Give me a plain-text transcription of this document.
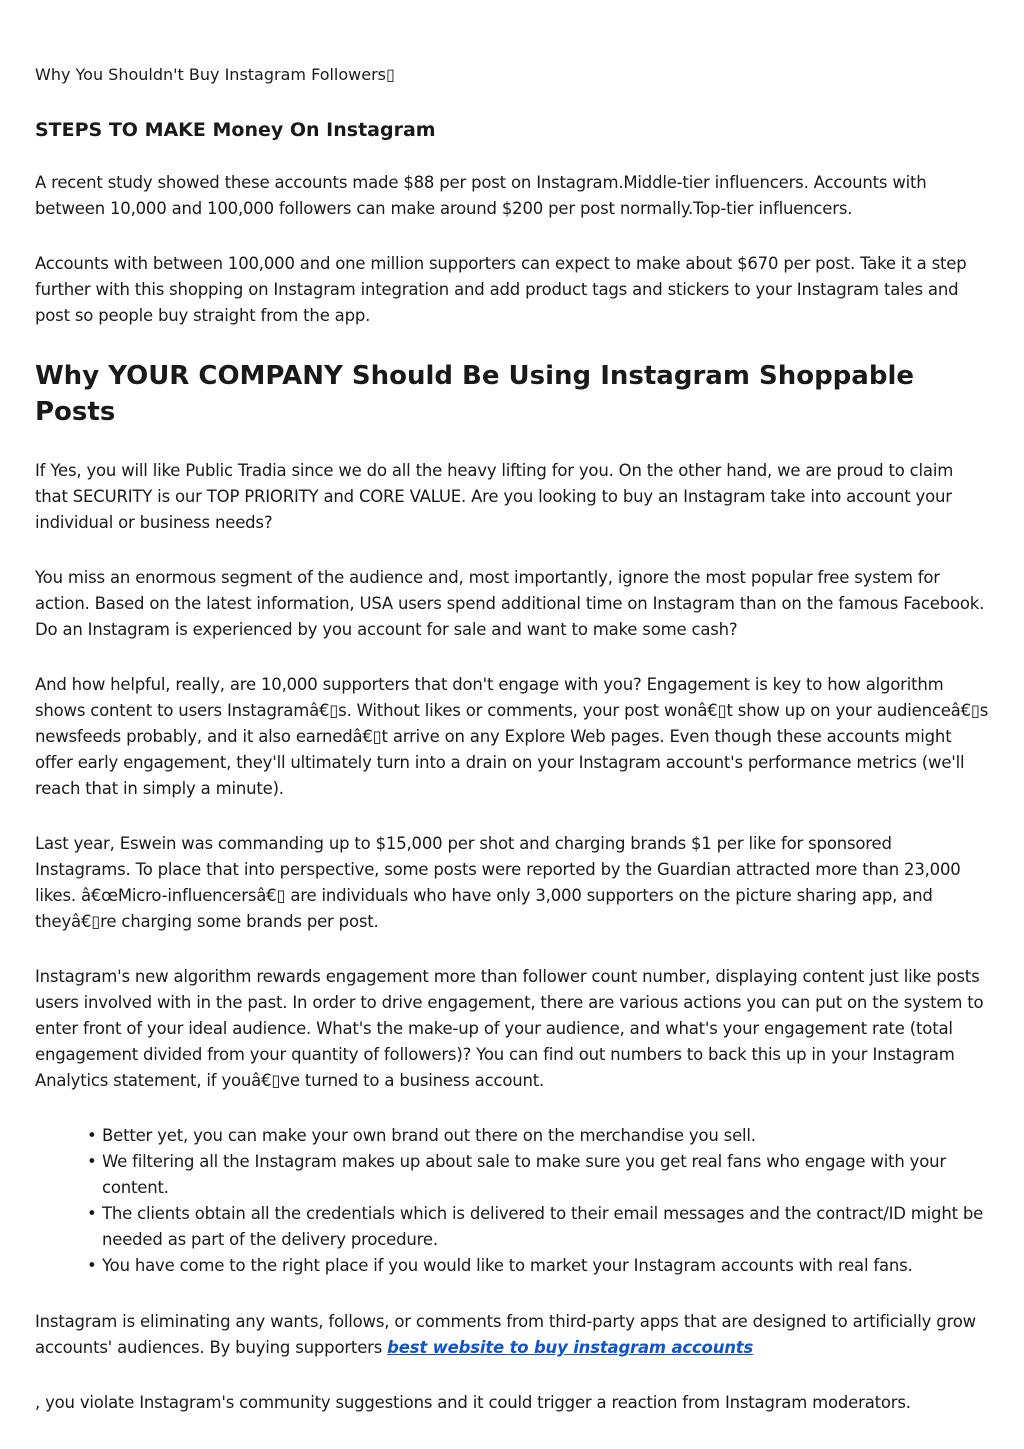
Why You Shouldn't Buy Instagram Followers▯
STEPS TO MAKE Money On Instagram

A recent study showed these accounts made $88 per post on Instagram.Middle-tier influencers. Accounts with between 10,000 and 100,000 followers can make around $200 per post normally.Top-tier influencers.

Accounts with between 100,000 and one million supporters can expect to make about $670 per post. Take it a step further with this shopping on Instagram integration and add product tags and stickers to your Instagram tales and post so people buy straight from the app.

Why YOUR COMPANY Should Be Using Instagram Shoppable Posts

If Yes, you will like Public Tradia since we do all the heavy lifting for you. On the other hand, we are proud to claim that SECURITY is our TOP PRIORITY and CORE VALUE. Are you looking to buy an Instagram take into account your individual or business needs?

You miss an enormous segment of the audience and, most importantly, ignore the most popular free system for action. Based on the latest information, USA users spend additional time on Instagram than on the famous Facebook. Do an Instagram is experienced by you account for sale and want to make some cash?

And how helpful, really, are 10,000 supporters that don't engage with you? Engagement is key to how algorithm shows content to users Instagramâ€▯s. Without likes or comments, your post wonâ€▯t show up on your audienceâ€▯s newsfeeds probably, and it also earnedâ€▯t arrive on any Explore Web pages. Even though these accounts might offer early engagement, they'll ultimately turn into a drain on your Instagram account's performance metrics (we'll reach that in simply a minute).

Last year, Eswein was commanding up to $15,000 per shot and charging brands $1 per like for sponsored Instagrams. To place that into perspective, some posts were reported by the Guardian attracted more than 23,000 likes. â€œMicro-influencersâ€▯ are individuals who have only 3,000 supporters on the picture sharing app, and theyâ€▯re charging some brands per post.

Instagram's new algorithm rewards engagement more than follower count number, displaying content just like posts users involved with in the past. In order to drive engagement, there are various actions you can put on the system to enter front of your ideal audience. What's the make-up of your audience, and what's your engagement rate (total engagement divided from your quantity of followers)? You can find out numbers to back this up in your Instagram Analytics statement, if youâ€▯ve turned to a business account.

• Better yet, you can make your own brand out there on the merchandise you sell.
• We filtering all the Instagram makes up about sale to make sure you get real fans who engage with your content.
• The clients obtain all the credentials which is delivered to their email messages and the contract/ID might be needed as part of the delivery procedure.
• You have come to the right place if you would like to market your Instagram accounts with real fans.

Instagram is eliminating any wants, follows, or comments from third-party apps that are designed to artificially grow accounts' audiences. By buying supporters best website to buy instagram accounts

, you violate Instagram's community suggestions and it could trigger a reaction from Instagram moderators.
